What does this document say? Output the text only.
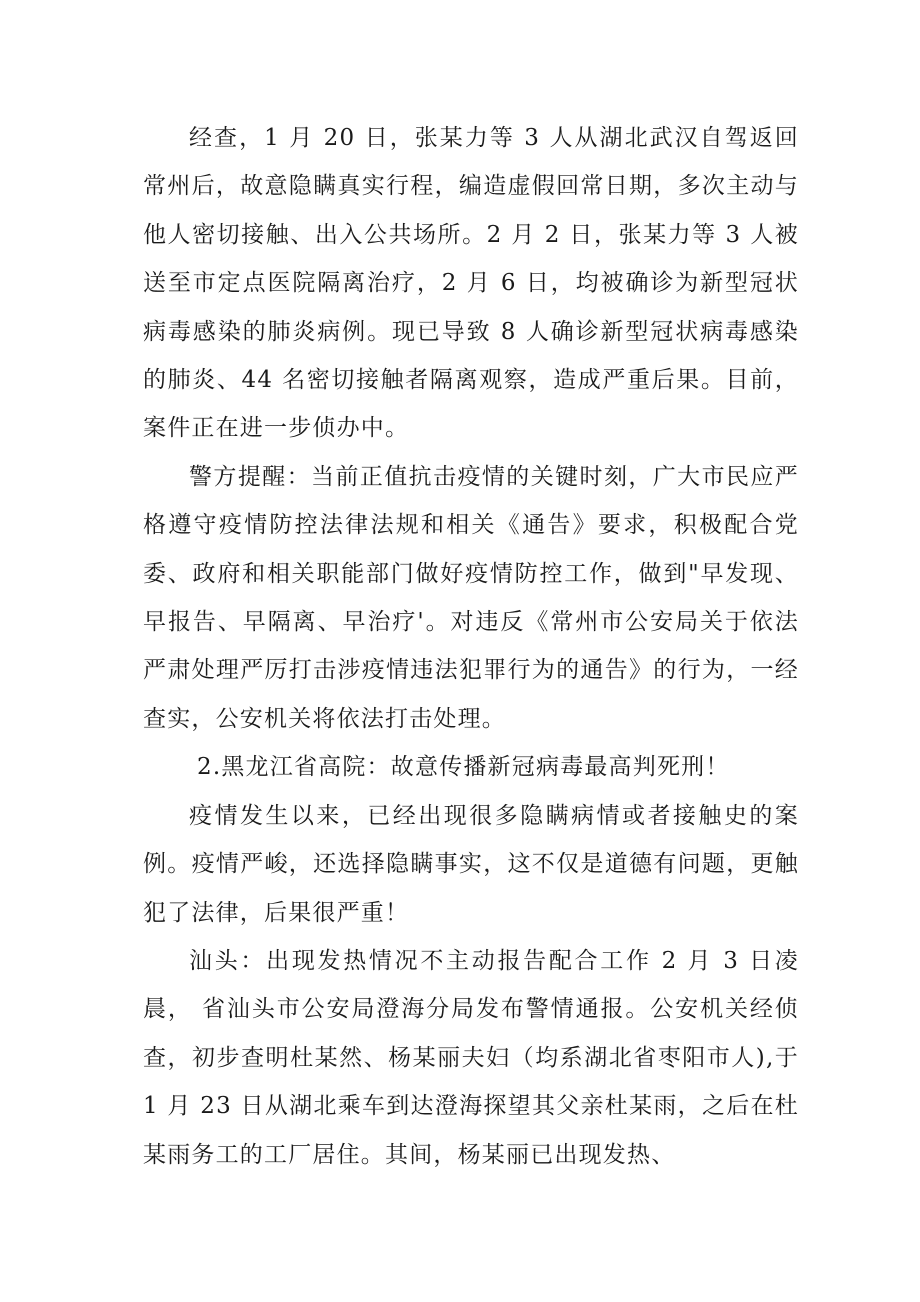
经查，1 月 20 日，张某力等 3 人从湖北武汉自驾返回常州后，故意隐瞒真实行程，编造虚假回常日期，多次主动与他人密切接触、出入公共场所。2 月 2 日，张某力等 3 人被送至市定点医院隔离治疗，2 月 6 日，均被确诊为新型冠状病毒感染的肺炎病例。现已导致 8 人确诊新型冠状病毒感染的肺炎、44 名密切接触者隔离观察，造成严重后果。目前，案件正在进一步侦办中。

警方提醒：当前正值抗击疫情的关键时刻，广大市民应严格遵守疫情防控法律法规和相关《通告》要求，积极配合党委、政府和相关职能部门做好疫情防控工作，做到"早发现、早报告、早隔离、早治疗'。对违反《常州市公安局关于依法严肃处理严厉打击涉疫情违法犯罪行为的通告》的行为，一经查实，公安机关将依法打击处理。

2.黑龙江省高院：故意传播新冠病毒最高判死刑！

疫情发生以来，已经出现很多隐瞒病情或者接触史的案例。疫情严峻，还选择隐瞒事实，这不仅是道德有问题，更触犯了法律，后果很严重！

汕头：出现发热情况不主动报告配合工作 2 月 3 日凌晨， 省汕头市公安局澄海分局发布警情通报。公安机关经侦查，初步查明杜某然、杨某丽夫妇（均系湖北省枣阳市人),于 1 月 23 日从湖北乘车到达澄海探望其父亲杜某雨，之后在杜某雨务工的工厂居住。其间，杨某丽已出现发热、
